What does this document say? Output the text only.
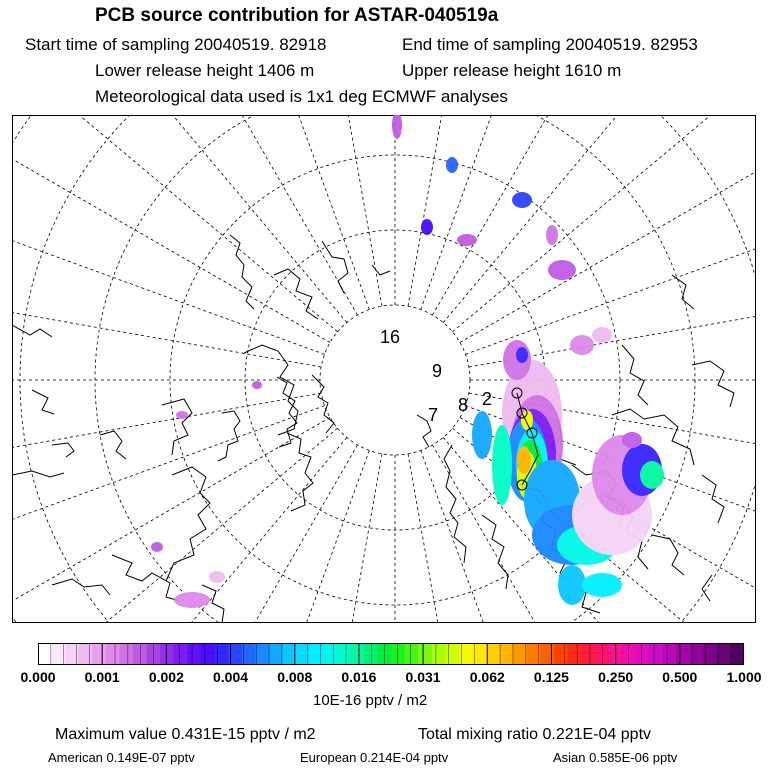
PCB source contribution for ASTAR-040519a
Start time of sampling 20040519. 82918	End time of sampling 20040519. 82953
Lower release height 1406 m	Upper release height 1610 m
Meteorological data used is 1x1 deg ECMWF analyses
16
9
8 2
7
0.000 0.001 0.002 0.004 0.008 0.016 0.031 0.062 0.125 0.250 0.500 1.000
10E-16 pptv / m2
Maximum value 0.431E-15 pptv / m2	Total mixing ratio 0.221E-04 pptv
American 0.149E-07 pptv	European 0.214E-04 pptv	Asian 0.585E-06 pptv
